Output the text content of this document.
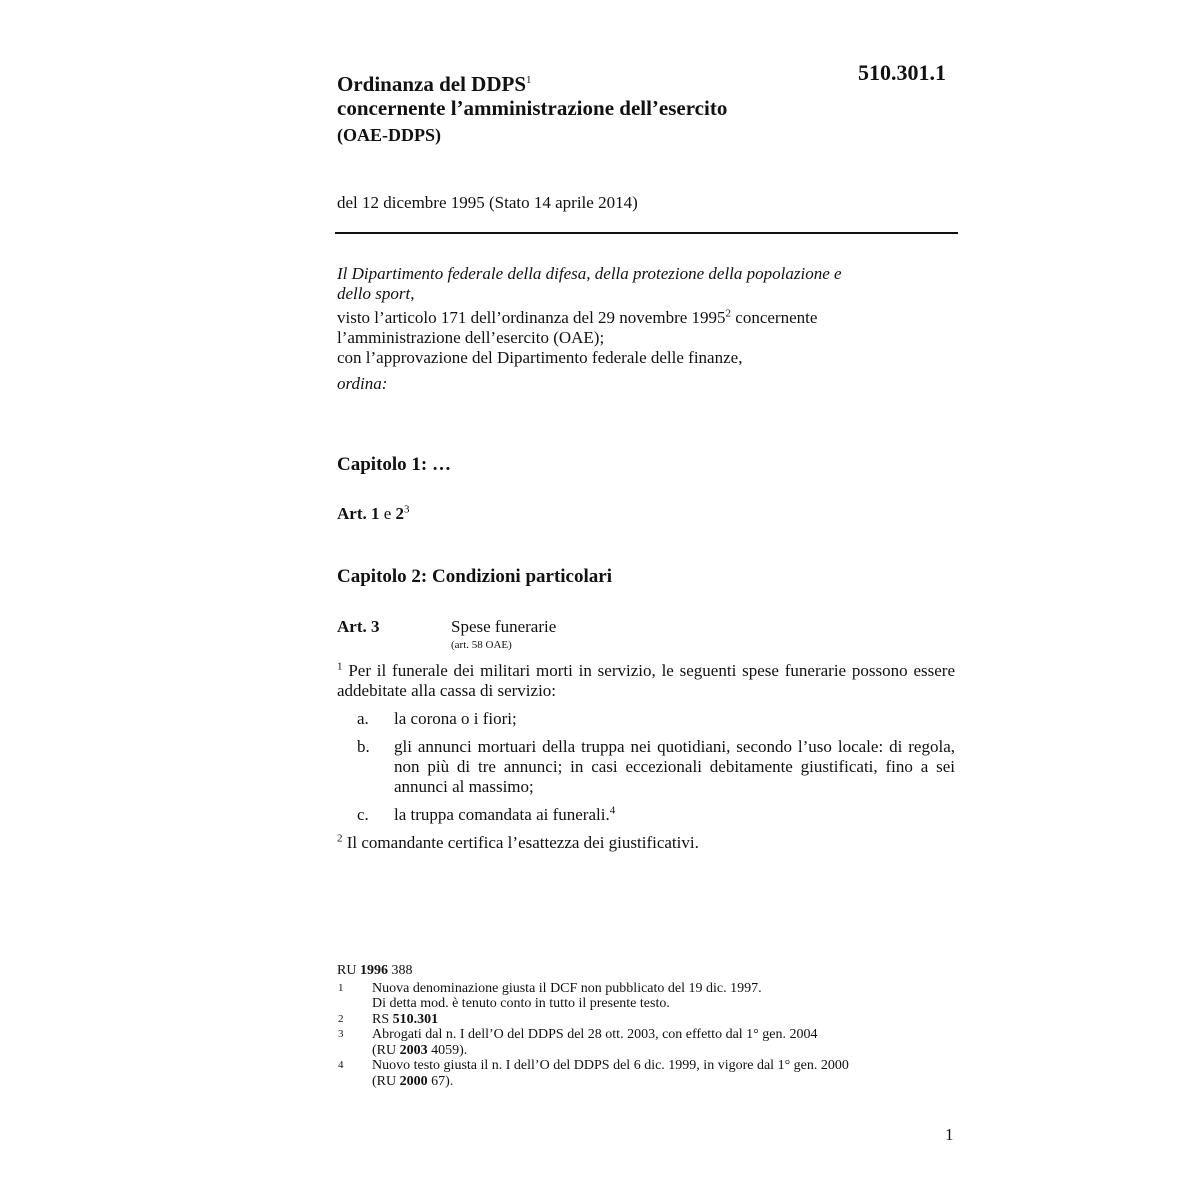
510.301.1
Ordinanza del DDPS$^1$
concernente l’amministrazione dell’esercito
(OAE-DDPS)
del 12 dicembre 1995 (Stato 14 aprile 2014)
Il Dipartimento federale della difesa, della protezione della popolazione e
dello sport,
visto l’articolo 171 dell’ordinanza del 29 novembre 1995$^2$ concernente
l’amministrazione dell’esercito (OAE);
con l’approvazione del Dipartimento federale delle finanze,
ordina:
Capitolo 1: …
Art. 1 e $2^3$
Capitolo 2: Condizioni particolari
Art. 3	Spese funerarie
(art. 58 OAE)

$^1$ Per il funerale dei militari morti in servizio, le seguenti spese funerarie possono essere addebitate alla cassa di servizio:

a.	la corona o i fiori;
b.	gli annunci mortuari della truppa nei quotidiani, secondo l’uso locale: di regola, non più di tre annunci; in casi eccezionali debitamente giustificati, fino a sei annunci al massimo;
c.	la truppa comandata ai funerali.$^4$

$^2$ Il comandante certifica l’esattezza dei giustificativi.

RU 1996 388
1	Nuova denominazione giusta il DCF non pubblicato del 19 dic. 1997.
Di detta mod. è tenuto conto in tutto il presente testo.
2	RS 510.301
3	Abrogati dal n. I dell’O del DDPS del 28 ott. 2003, con effetto dal 1° gen. 2004
(RU 2003 4059).
4	Nuovo testo giusta il n. I dell’O del DDPS del 6 dic. 1999, in vigore dal 1° gen. 2000
(RU 2000 67).
1
